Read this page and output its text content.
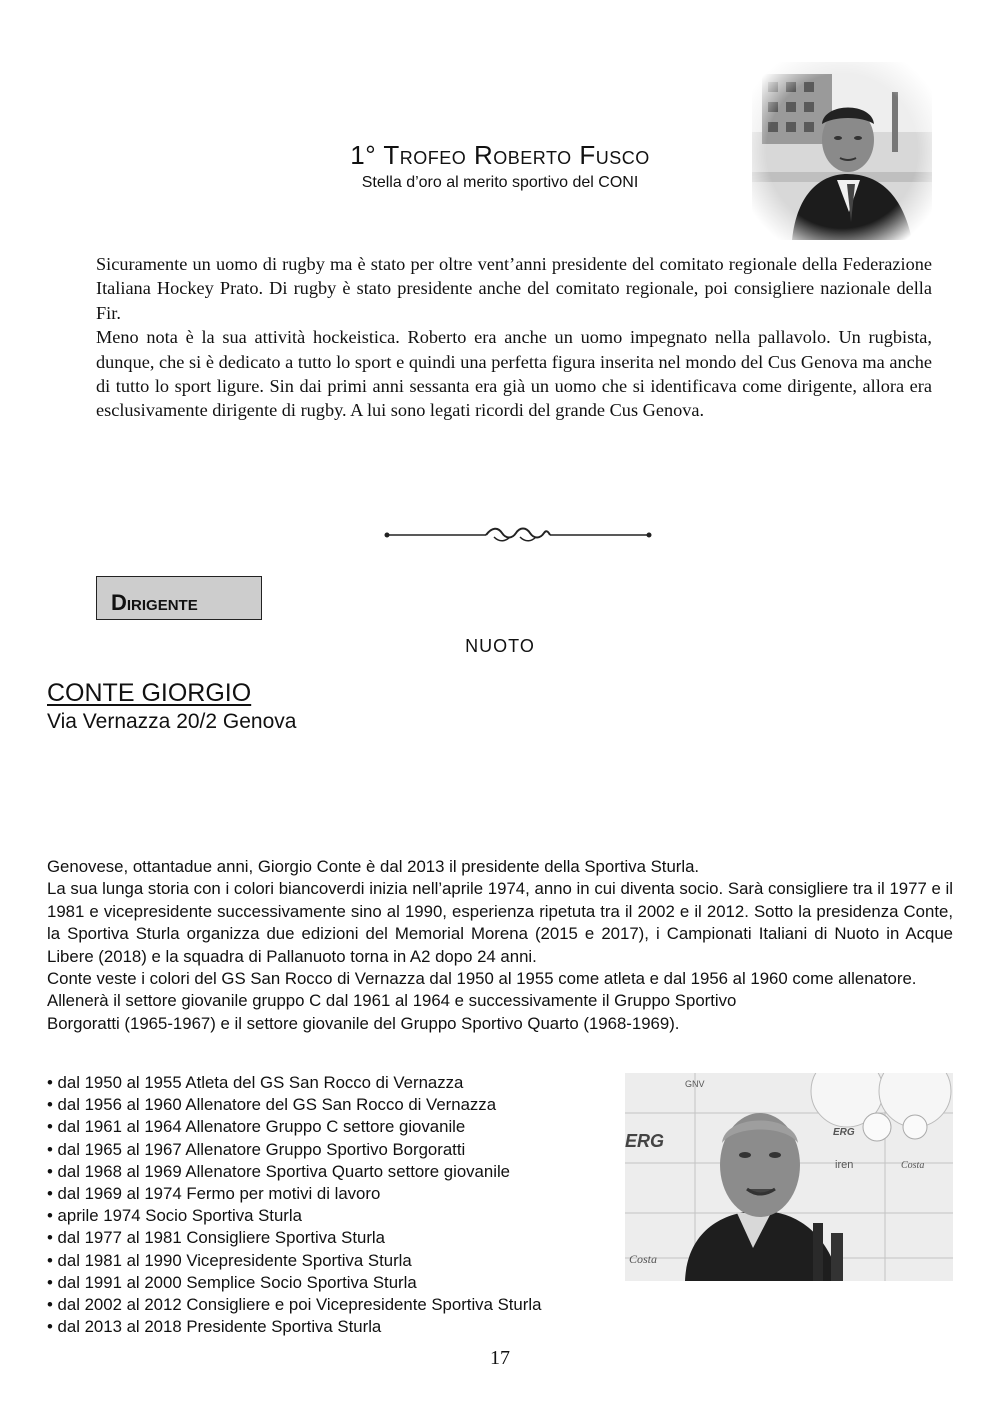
1° Trofeo Roberto Fusco
Stella d’oro al merito sportivo del CONI

Sicuramente un uomo di rugby ma è stato per oltre vent’anni presidente del comitato regionale della Federazione Italiana Hockey Prato. Di rugby è stato presidente anche del comitato regionale, poi consigliere nazionale della Fir.

Meno nota è la sua attività hockeistica. Roberto era anche un uomo impegnato nella pallavolo. Un rugbista, dunque, che si è dedicato a tutto lo sport e quindi una perfetta figura inserita nel mondo del Cus Genova ma anche di tutto lo sport ligure. Sin dai primi anni sessanta era già un uomo che si identificava come dirigente, allora era esclusivamente dirigente di rugby. A lui sono legati ricordi del grande Cus Genova.

Dirigente
NUOTO
CONTE GIORGIO
Via Vernazza 20/2 Genova

Genovese, ottantadue anni, Giorgio Conte è dal 2013 il presidente della Sportiva Sturla.

La sua lunga storia con i colori biancoverdi inizia nell’aprile 1974, anno in cui diventa socio. Sarà consigliere tra il 1977 e il 1981 e vicepresidente successivamente sino al 1990, esperienza ripetuta tra il 2002 e il 2012. Sotto la presidenza Conte, la Sportiva Sturla organizza due edizioni del Memorial Morena (2015 e 2017), i Campionati Italiani di Nuoto in Acque Libere (2018) e la squadra di Pallanuoto torna in A2 dopo 24 anni.

Conte veste i colori del GS San Rocco di Vernazza dal 1950 al 1955 come atleta e dal 1956 al 1960 come allenatore.

Allenerà il settore giovanile gruppo C dal 1961 al 1964 e successivamente il Gruppo Sportivo Borgoratti (1965-1967) e il settore giovanile del Gruppo Sportivo Quarto (1968-1969).

• dal 1950 al 1955 Atleta del GS San Rocco di Vernazza
• dal 1956 al 1960 Allenatore del GS San Rocco di Vernazza
• dal 1961 al 1964 Allenatore Gruppo C settore giovanile
• dal 1965 al 1967 Allenatore Gruppo Sportivo Borgoratti
• dal 1968 al 1969 Allenatore Sportiva Quarto settore giovanile
• dal 1969 al 1974 Fermo per motivi di lavoro
• aprile 1974 Socio Sportiva Sturla
• dal 1977 al 1981 Consigliere Sportiva Sturla
• dal 1981 al 1990 Vicepresidente Sportiva Sturla
• dal 1991 al 2000 Semplice Socio Sportiva Sturla
• dal 2002 al 2012 Consigliere e poi Vicepresidente Sportiva Sturla
• dal 2013 al 2018 Presidente Sportiva Sturla
GNV
ERG	ERG
iren	Costa
Costa
17
